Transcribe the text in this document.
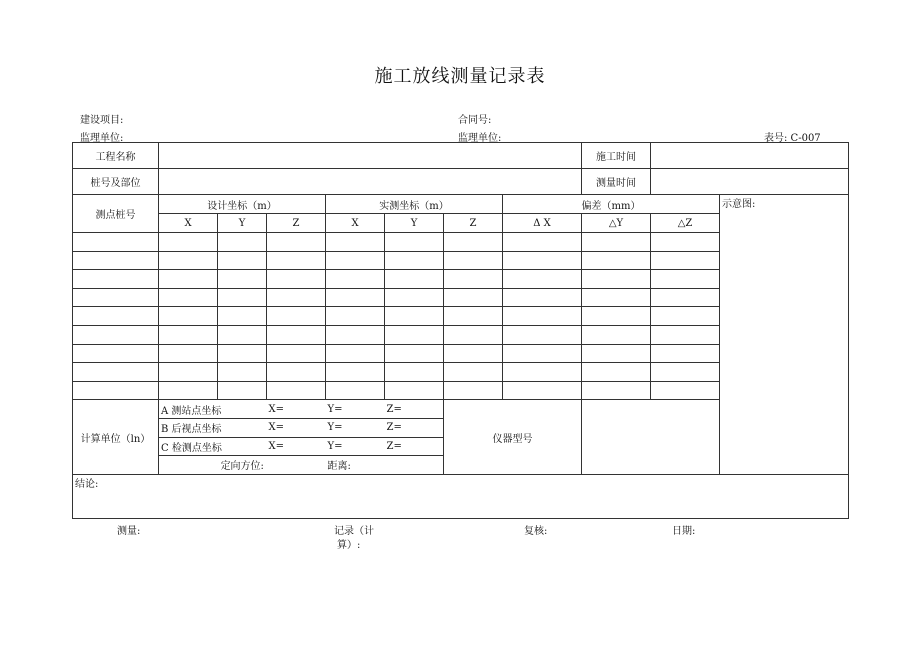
施工放线测量记录表
建设项目:	合同号:
监理单位:	监理单位:	表号: C-007
工程名称								施工时间		
桩号及部位								测量时间		
测点桩号	设计坐标（m）			实测坐标（m）			偏差（mm）			示意图:
	X	Y	Z	X	Y	Z	Δ X	△Y	△Z	

计算单位（ln）	A 测站点坐标		X=	Y=	Z=	仪器型号				
	B 后视点坐标		X=	Y=	Z=					
	C 检测点坐标		X=	Y=	Z=					
	定向方位:			距离:						
结论:										
测量:	记录（计
算）:
复核:	日期:
